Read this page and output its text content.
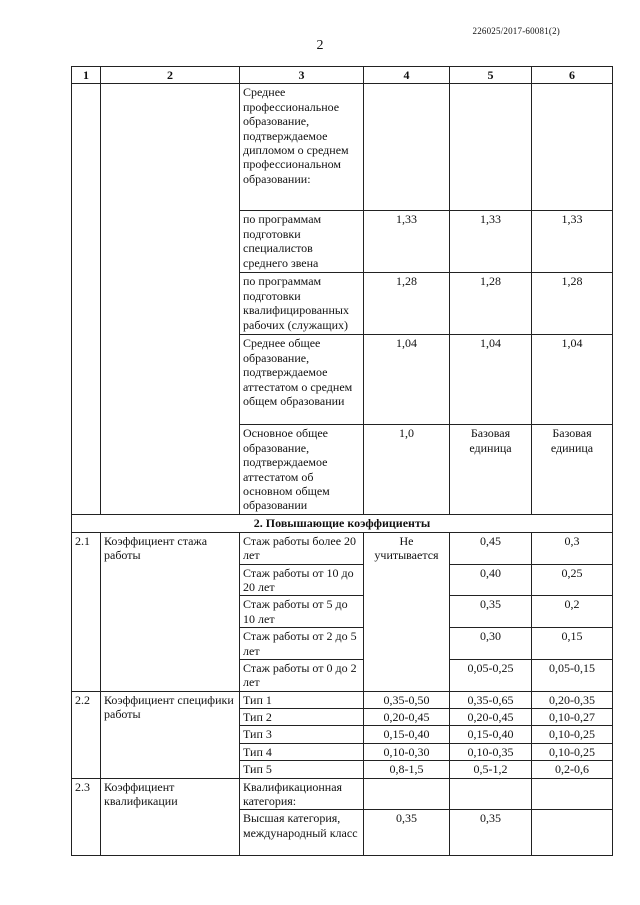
226025/2017-60081(2)
2
1	2	3	4	5	6
		Среднее профессиональное образование, подтверждаемое дипломом о среднем профессиональном образовании:			
		по программам подготовки специалистов среднего звена	1,33	1,33	1,33
		по программам подготовки квалифицированных рабочих (служащих)	1,28	1,28	1,28
		Среднее общее образование, подтверждаемое аттестатом о среднем общем образовании	1,04	1,04	1,04
		Основное общее образование, подтверждаемое аттестатом об основном общем образовании	1,0	Базовая единица	Базовая единица
2. Повышающие коэффициенты					
2.1	Коэффициент стажа работы	Стаж работы более 20 лет	Не учитывается	0,45	0,3
		Стаж работы от 10 до 20 лет		0,40	0,25
		Стаж работы от 5 до 10 лет		0,35	0,2
		Стаж работы от 2 до 5 лет		0,30	0,15
		Стаж работы от 0 до 2 лет		0,05-0,25	0,05-0,15
2.2	Коэффициент специфики работы	Тип 1	0,35-0,50	0,35-0,65	0,20-0,35
		Тип 2	0,20-0,45	0,20-0,45	0,10-0,27
		Тип 3	0,15-0,40	0,15-0,40	0,10-0,25
		Тип 4	0,10-0,30	0,10-0,35	0,10-0,25
		Тип 5	0,8-1,5	0,5-1,2	0,2-0,6
2.3	Коэффициент квалификации	Квалификационная категория:			
		Высшая категория, международный класс	0,35	0,35	
